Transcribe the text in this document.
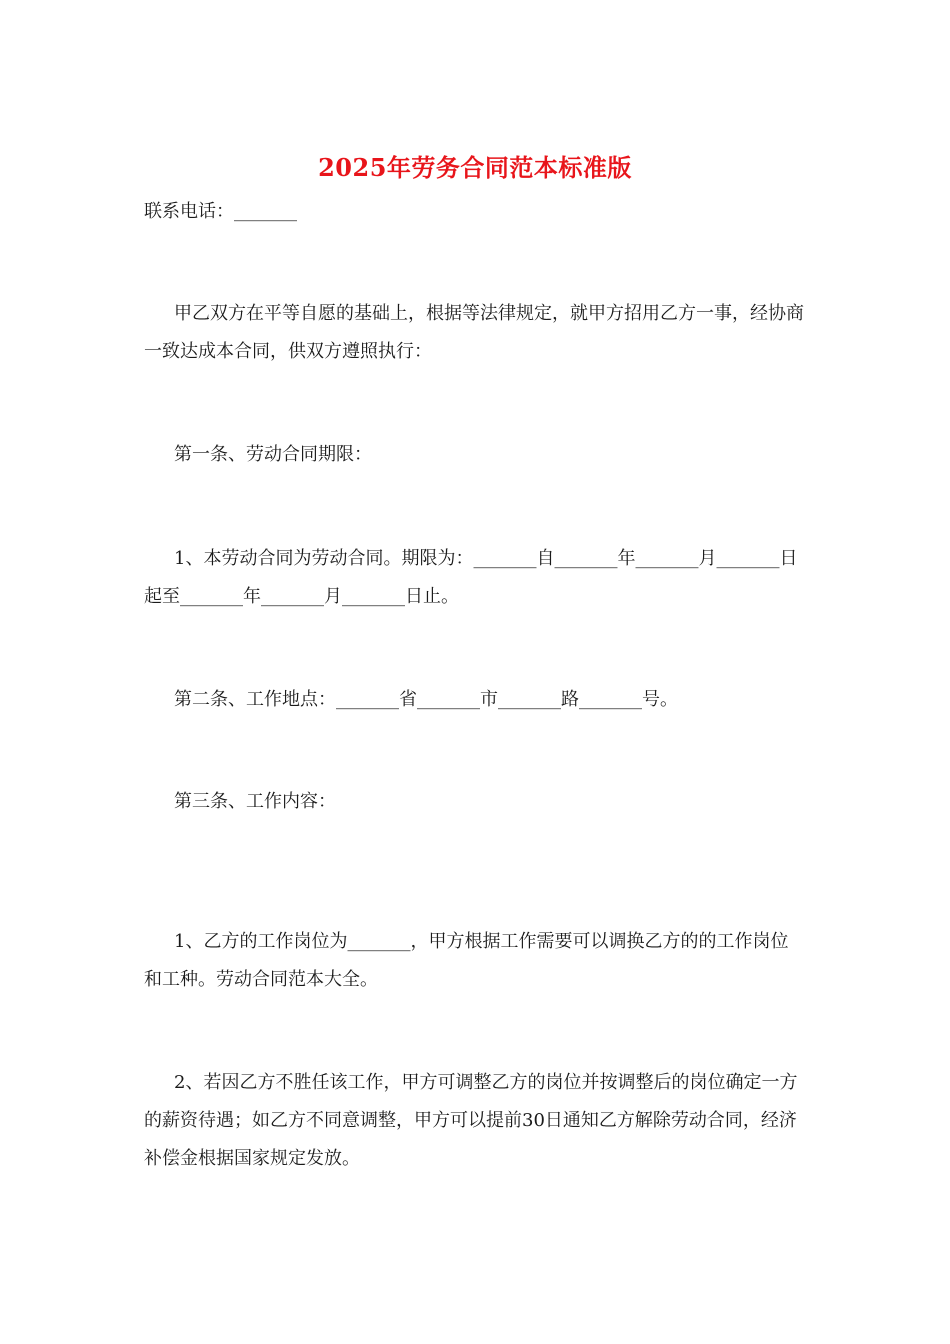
2025年劳务合同范本标准版

联系电话：_______

甲乙双方在平等自愿的基础上，根据等法律规定，就甲方招用乙方一事，经协商一致达成本合同，供双方遵照执行：

第一条、劳动合同期限：

1、本劳动合同为劳动合同。期限为：_______自_______年_______月_______日起至_______年_______月_______日止。

第二条、工作地点：_______省_______市_______路_______号。

第三条、工作内容：

1、乙方的工作岗位为_______，甲方根据工作需要可以调换乙方的的工作岗位和工种。劳动合同范本大全。

2、若因乙方不胜任该工作，甲方可调整乙方的岗位并按调整后的岗位确定一方的薪资待遇；如乙方不同意调整，甲方可以提前30日通知乙方解除劳动合同，经济补偿金根据国家规定发放。
